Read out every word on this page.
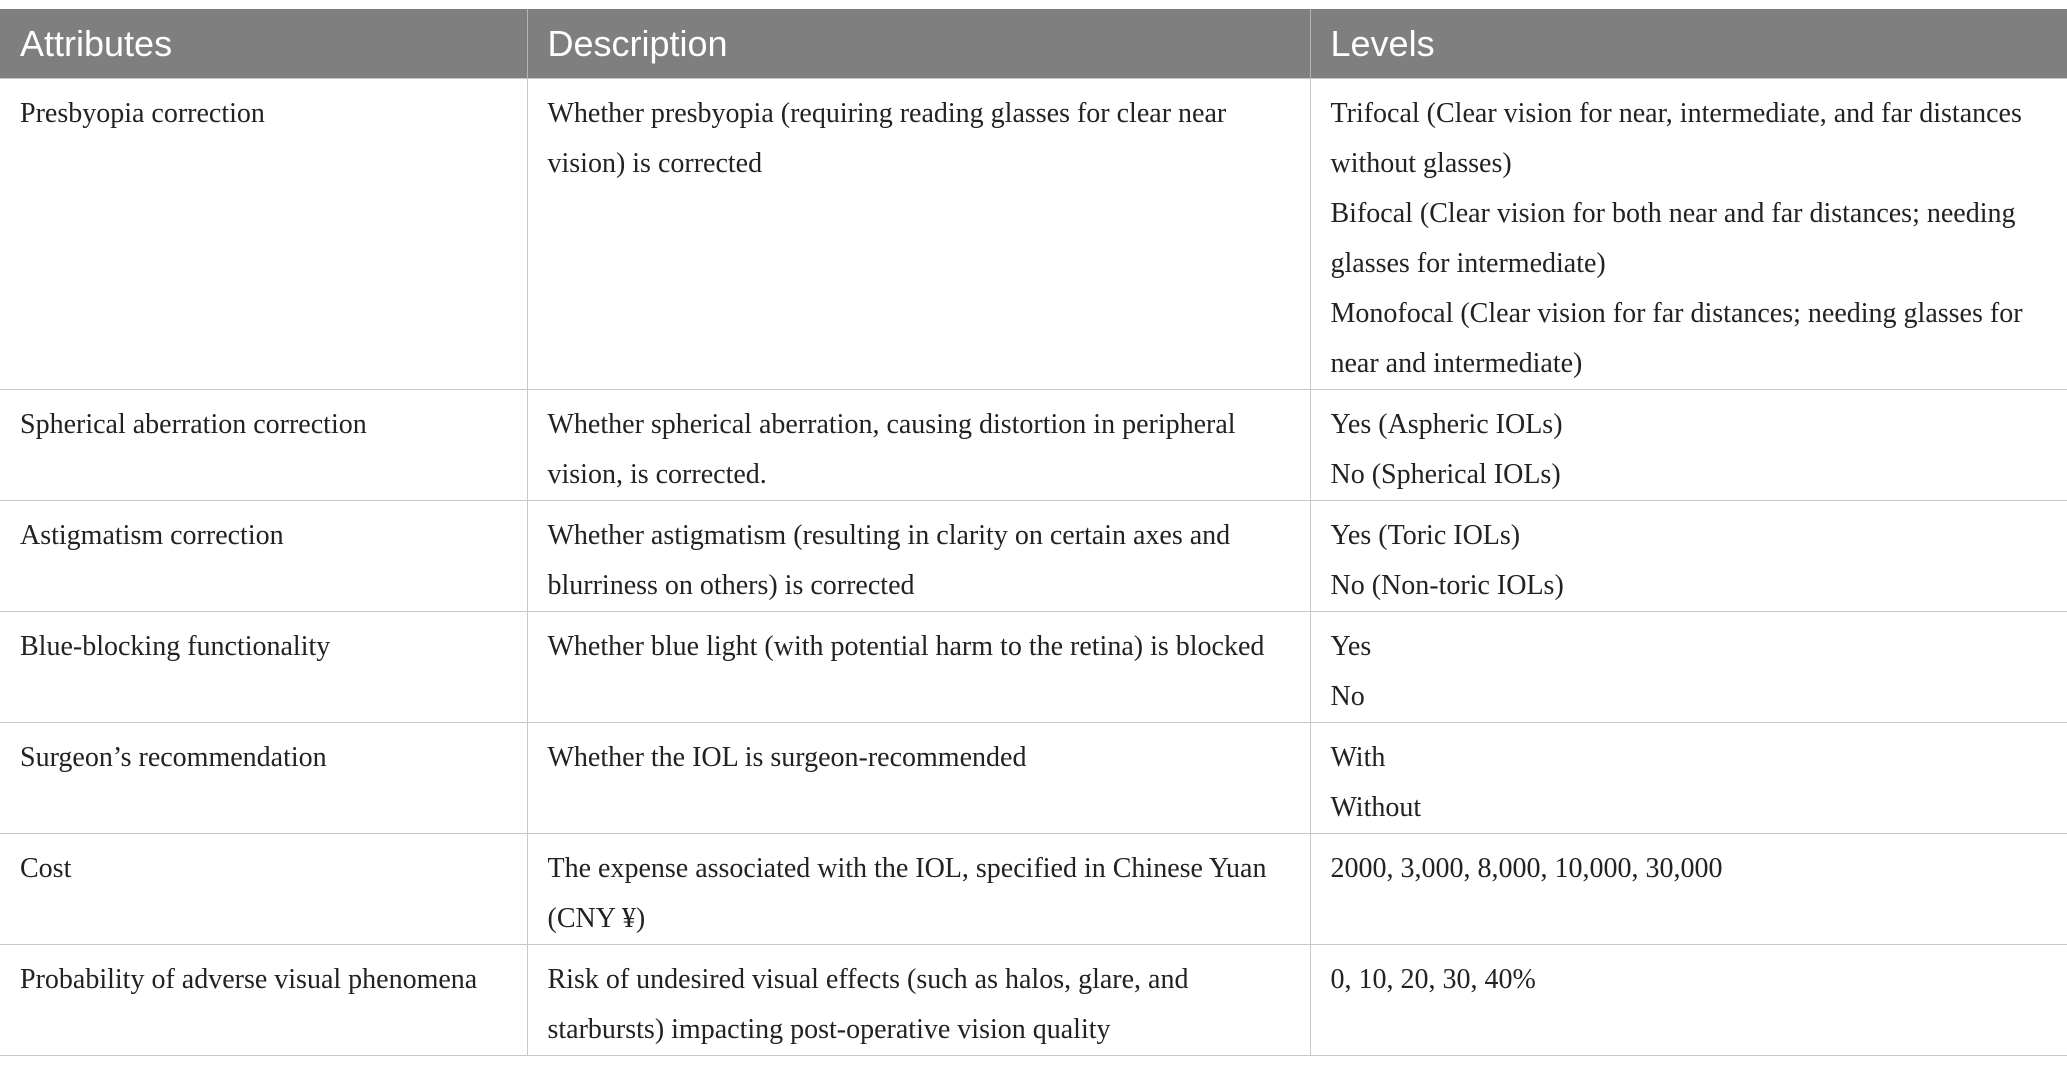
Attributes	Description	Levels
Presbyopia correction	Whether presbyopia (requiring reading glasses for clear near vision) is corrected	Trifocal (Clear vision for near, intermediate, and far distances without glasses)
Bifocal (Clear vision for both near and far distances; needing glasses for intermediate)
Monofocal (Clear vision for far distances; needing glasses for near and intermediate)

Spherical aberration correction	Whether spherical aberration, causing distortion in peripheral vision, is corrected.	Yes (Aspheric IOLs)
No (Spherical IOLs)

Astigmatism correction	Whether astigmatism (resulting in clarity on certain axes and blurriness on others) is corrected	Yes (Toric IOLs)
No (Non-toric IOLs)

Blue-blocking functionality	Whether blue light (with potential harm to the retina) is blocked	Yes
No

Surgeon’s recommendation	Whether the IOL is surgeon-recommended	With
Without

Cost	The expense associated with the IOL, specified in Chinese Yuan (CNY ¥)	2000, 3,000, 8,000, 10,000, 30,000

Probability of adverse visual phenomena	Risk of undesired visual effects (such as halos, glare, and starbursts) impacting post-operative vision quality	0, 10, 20, 30, 40%
